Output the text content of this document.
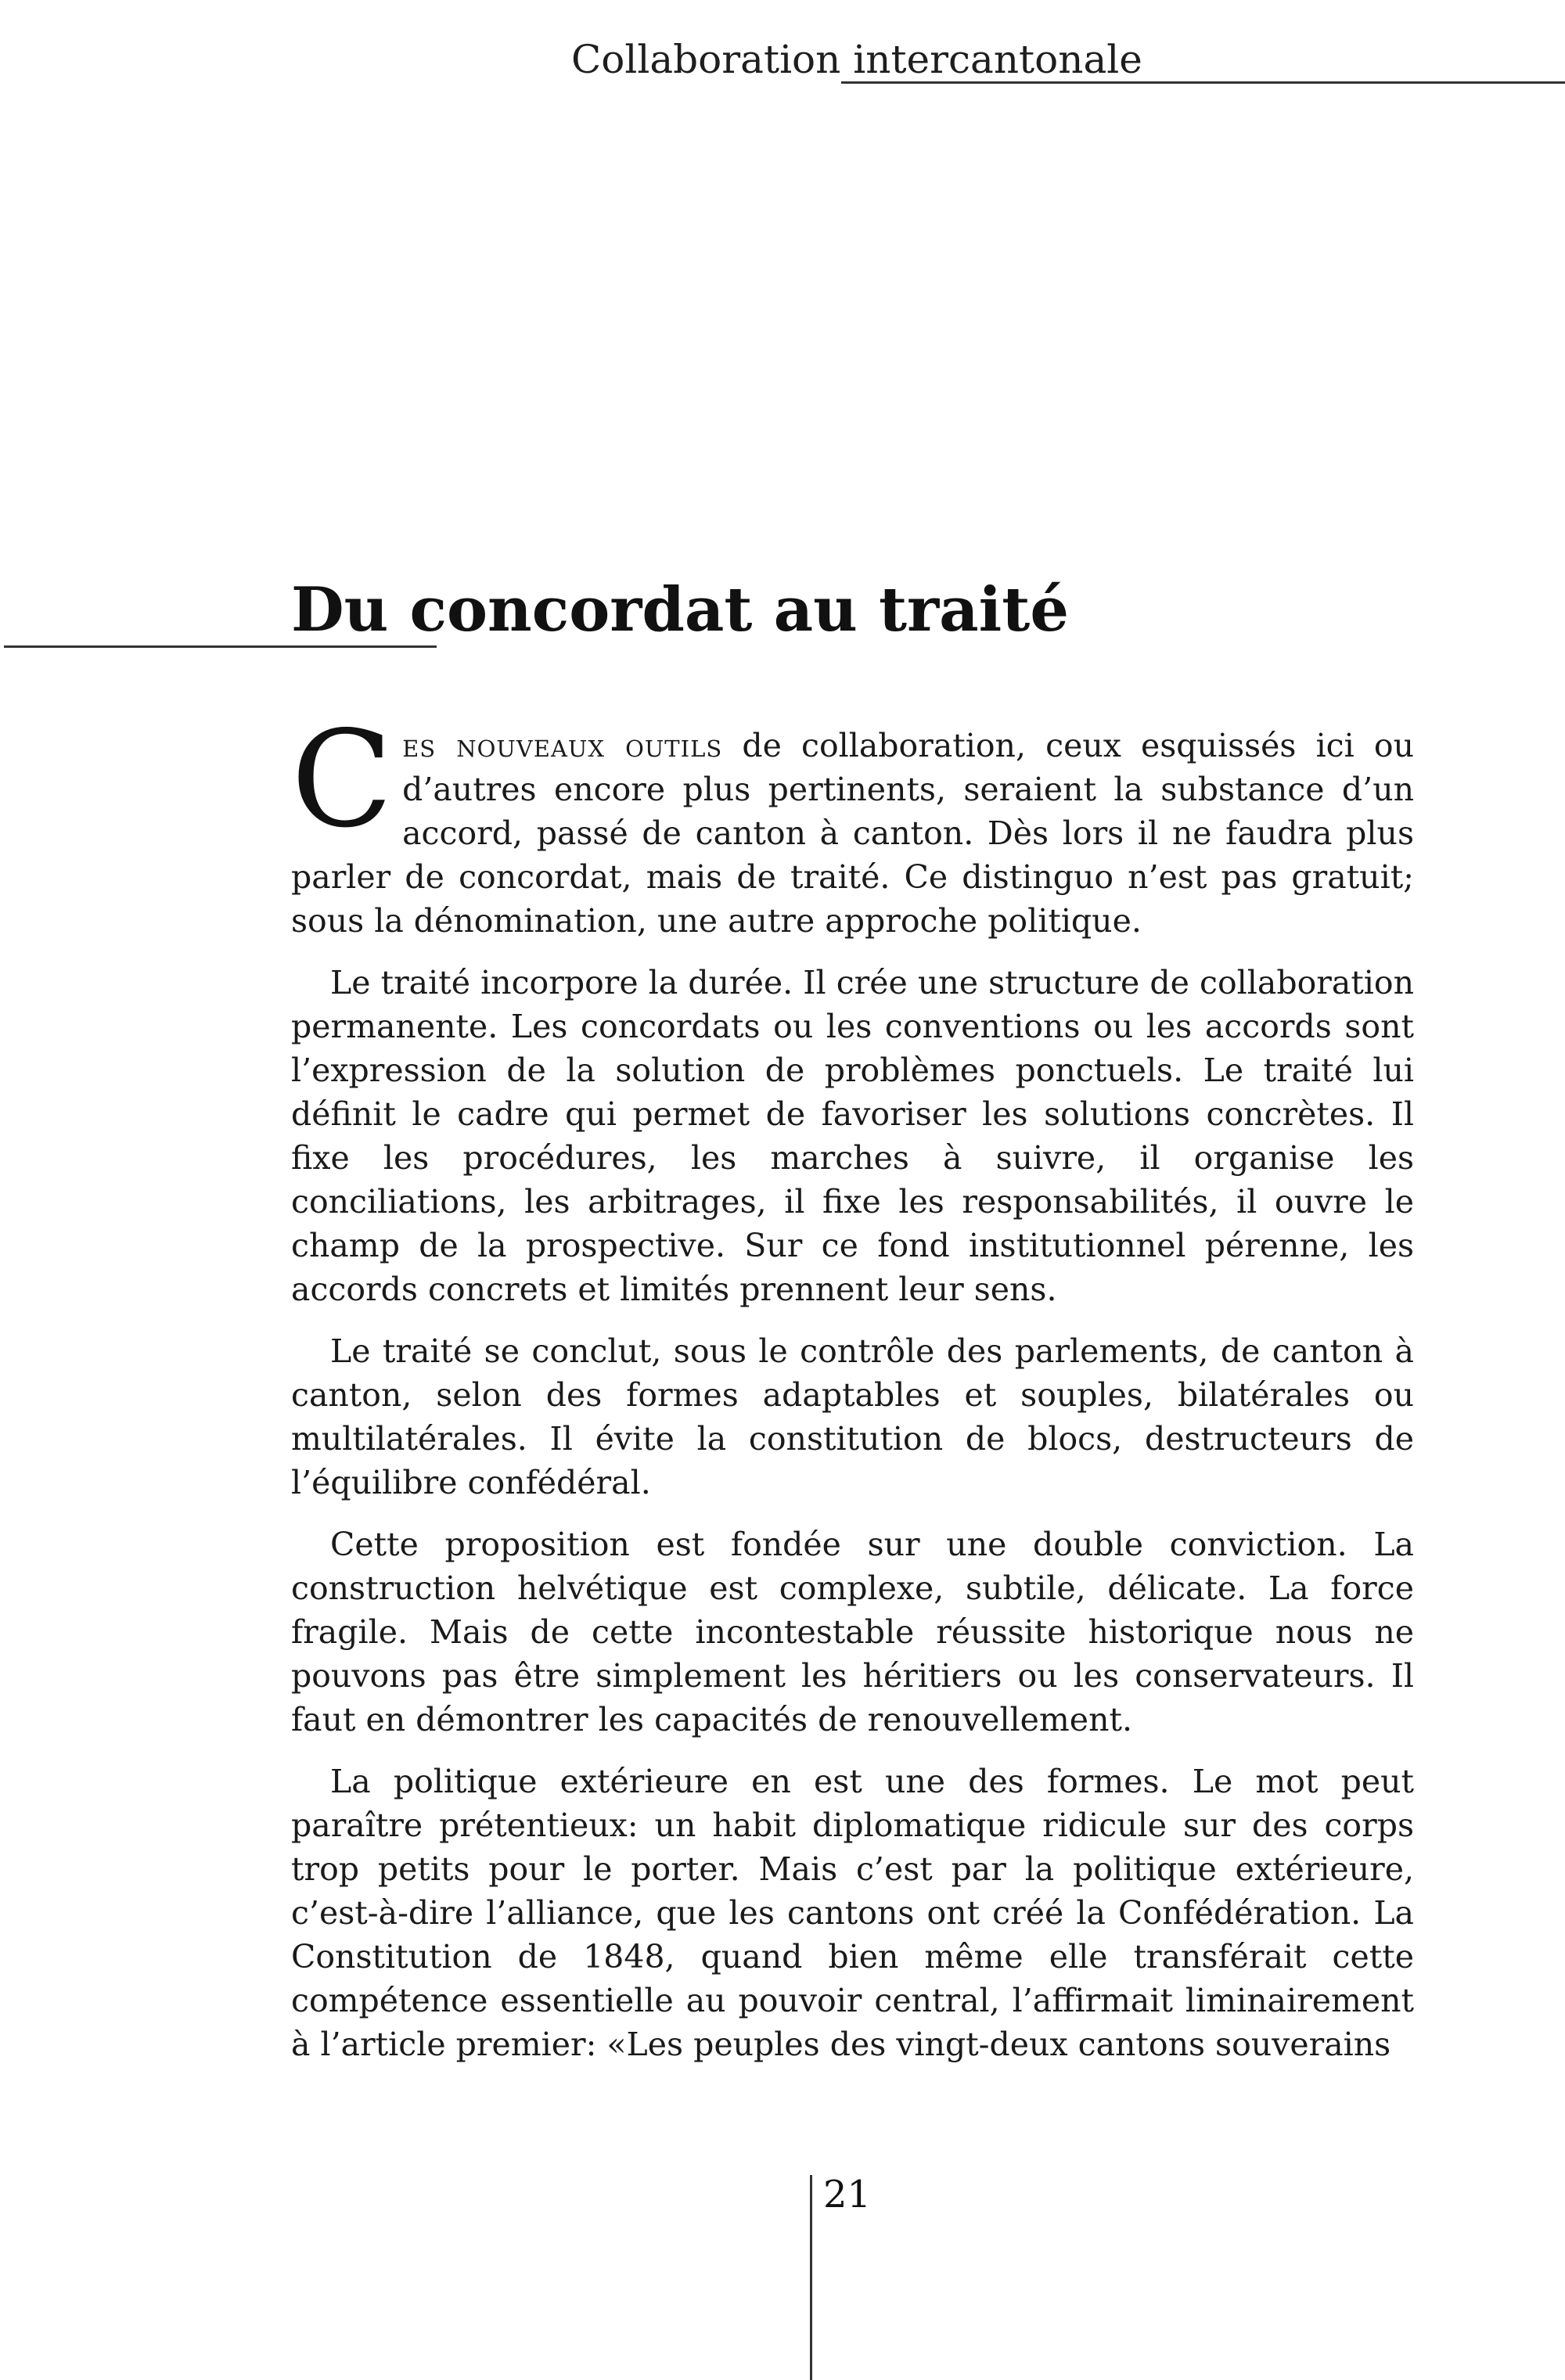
Collaboration intercantonale
Du concordat au traité

Ces nouveaux outils de collaboration, ceux esquissés ici ou d’autres encore plus pertinents, seraient la substance d’un accord, passé de canton à canton. Dès lors il ne faudra plus parler de concordat, mais de traité. Ce distinguo n’est pas gratuit; sous la dénomination, une autre approche politique.

Le traité incorpore la durée. Il crée une structure de collaboration permanente. Les concordats ou les conventions ou les accords sont l’expression de la solution de problèmes ponctuels. Le traité lui définit le cadre qui permet de favoriser les solutions concrètes. Il fixe les procédures, les marches à suivre, il organise les conciliations, les arbitrages, il fixe les responsabilités, il ouvre le champ de la prospective. Sur ce fond institutionnel pérenne, les accords concrets et limités prennent leur sens.

Le traité se conclut, sous le contrôle des parlements, de canton à canton, selon des formes adaptables et souples, bilatérales ou multilatérales. Il évite la constitution de blocs, destructeurs de l’équilibre confédéral.

Cette proposition est fondée sur une double conviction. La construction helvétique est complexe, subtile, délicate. La force fragile. Mais de cette incontestable réussite historique nous ne pouvons pas être simplement les héritiers ou les conservateurs. Il faut en démontrer les capacités de renouvellement.

La politique extérieure en est une des formes. Le mot peut paraître prétentieux: un habit diplomatique ridicule sur des corps trop petits pour le porter. Mais c’est par la politique extérieure, c’est-à-dire l’alliance, que les cantons ont créé la Confédération. La Constitution de 1848, quand bien même elle transférait cette compétence essentielle au pouvoir central, l’affirmait liminairement à l’article premier: «Les peuples des vingt-deux cantons souverains

21
